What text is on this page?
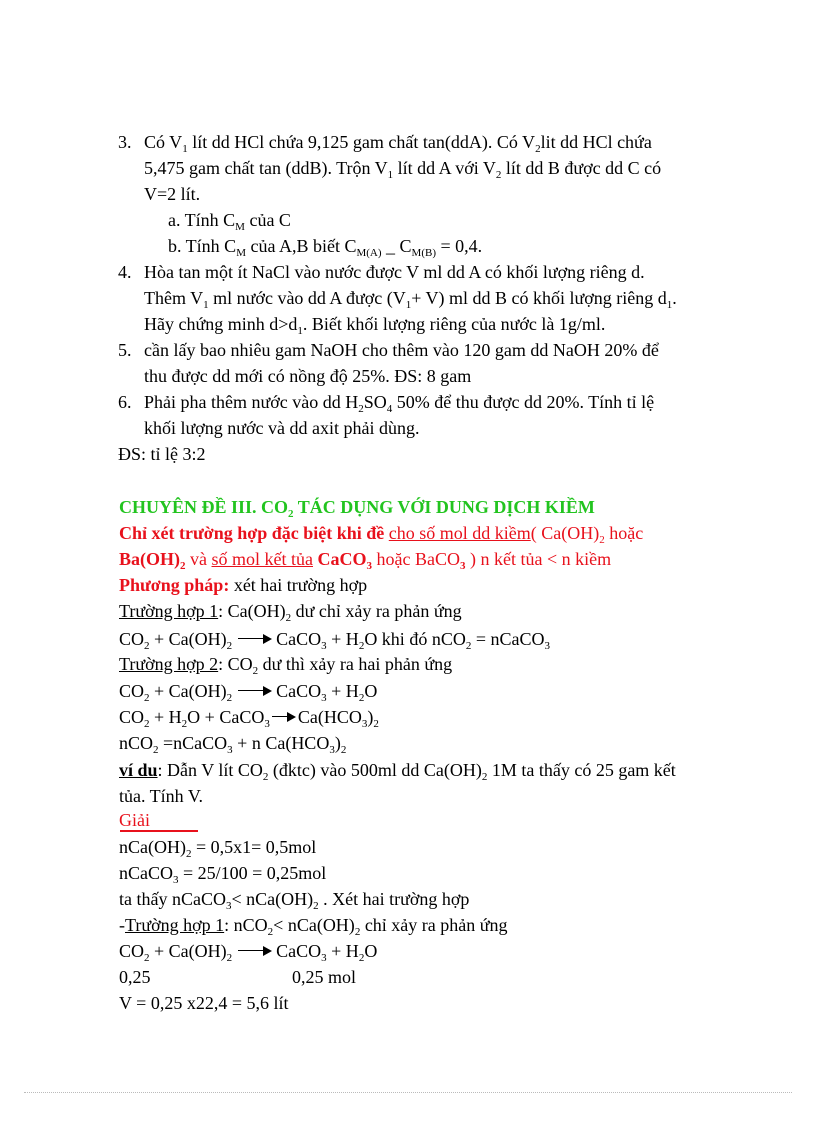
3. Có $V_1$ lít dd HCl chứa 9,125 gam chất tan(ddA). Có $V_2lit$ dd HCl chứa
5,475 gam chất tan (ddB). Trộn $V_1$ lít dd A với $V_2$ lít dd B được dd C có
V=2 lít.
a. Tính $C_M$ của C
b. Tính $C_M$ của A,B biết $C_{M(A)}$ _ $C_{M(B)} = 0,4$.
4. Hòa tan một ít NaCl vào nước được V ml dd A có khối lượng riêng d.
Thêm $V_1$ ml nước vào dd A được $(V_1+ V)$ ml dd B có khối lượng riêng $d_1$.
Hãy chứng minh $d>d_1$. Biết khối lượng riêng của nước là 1g/ml.
5. cần lấy bao nhiêu gam NaOH cho thêm vào 120 gam dd NaOH 20% để
thu được dd mới có nồng độ 25%. ĐS: 8 gam
6. Phải pha thêm nước vào dd $H_2SO_4$ 50% để thu được dd 20%. Tính tỉ lệ
khối lượng nước và dd axit phải dùng.
ĐS: tỉ lệ 3:2
CHUYÊN ĐỀ III. $CO_2$ TÁC DỤNG VỚI DUNG DỊCH KIỀM
Chỉ xét trường hợp đặc biệt khi đề cho số mol dd kiềm( $Ca(OH)_2$ hoặc
$Ba(OH)_2$ và số mol kết tủa CaCO$_3$ hoặc BaCO$_3$ ) n kết tủa < n kiềm
Phương pháp: xét hai trường hợp
Trường hợp 1: $Ca(OH)_2$ dư chỉ xảy ra phản ứng
$CO_2 + Ca(OH)_2$ CaCO$_3$ + $H_2O$ khi đó nCO$_2$ = nCaCO$_3$
Trường hợp 2: $CO_2$ dư thì xảy ra hai phản ứng
$CO_2 + Ca(OH)_2$ CaCO$_3$ + $H_2O$
$CO_2 + H_2O$ + CaCO$_3$ $Ca(HCO_3)_2$
nCO$_2$ =nCaCO$_3$ + n $Ca(HCO_3)_2$
ví du: Dẫn V lít $CO_2$ (đktc) vào 500ml dd $Ca(OH)_2$ 1M ta thấy có 25 gam kết
tủa. Tính V.
Giải
$nCa(OH)_2 = 0,5x1= 0,5mol$
nCaCO$_3$ = 25/100 = 0,25mol
ta thấy nCaCO$_3$< $nCa(OH)_2$ . Xét hai trường hợp
-Trường hợp 1: $nCO_2< nCa(OH)_2$ chỉ xảy ra phản ứng
$CO_2 + Ca(OH)_2$ CaCO$_3$ + $H_2O$
0,25	0,25 mol
V = 0,25 x22,4 = 5,6 lít
